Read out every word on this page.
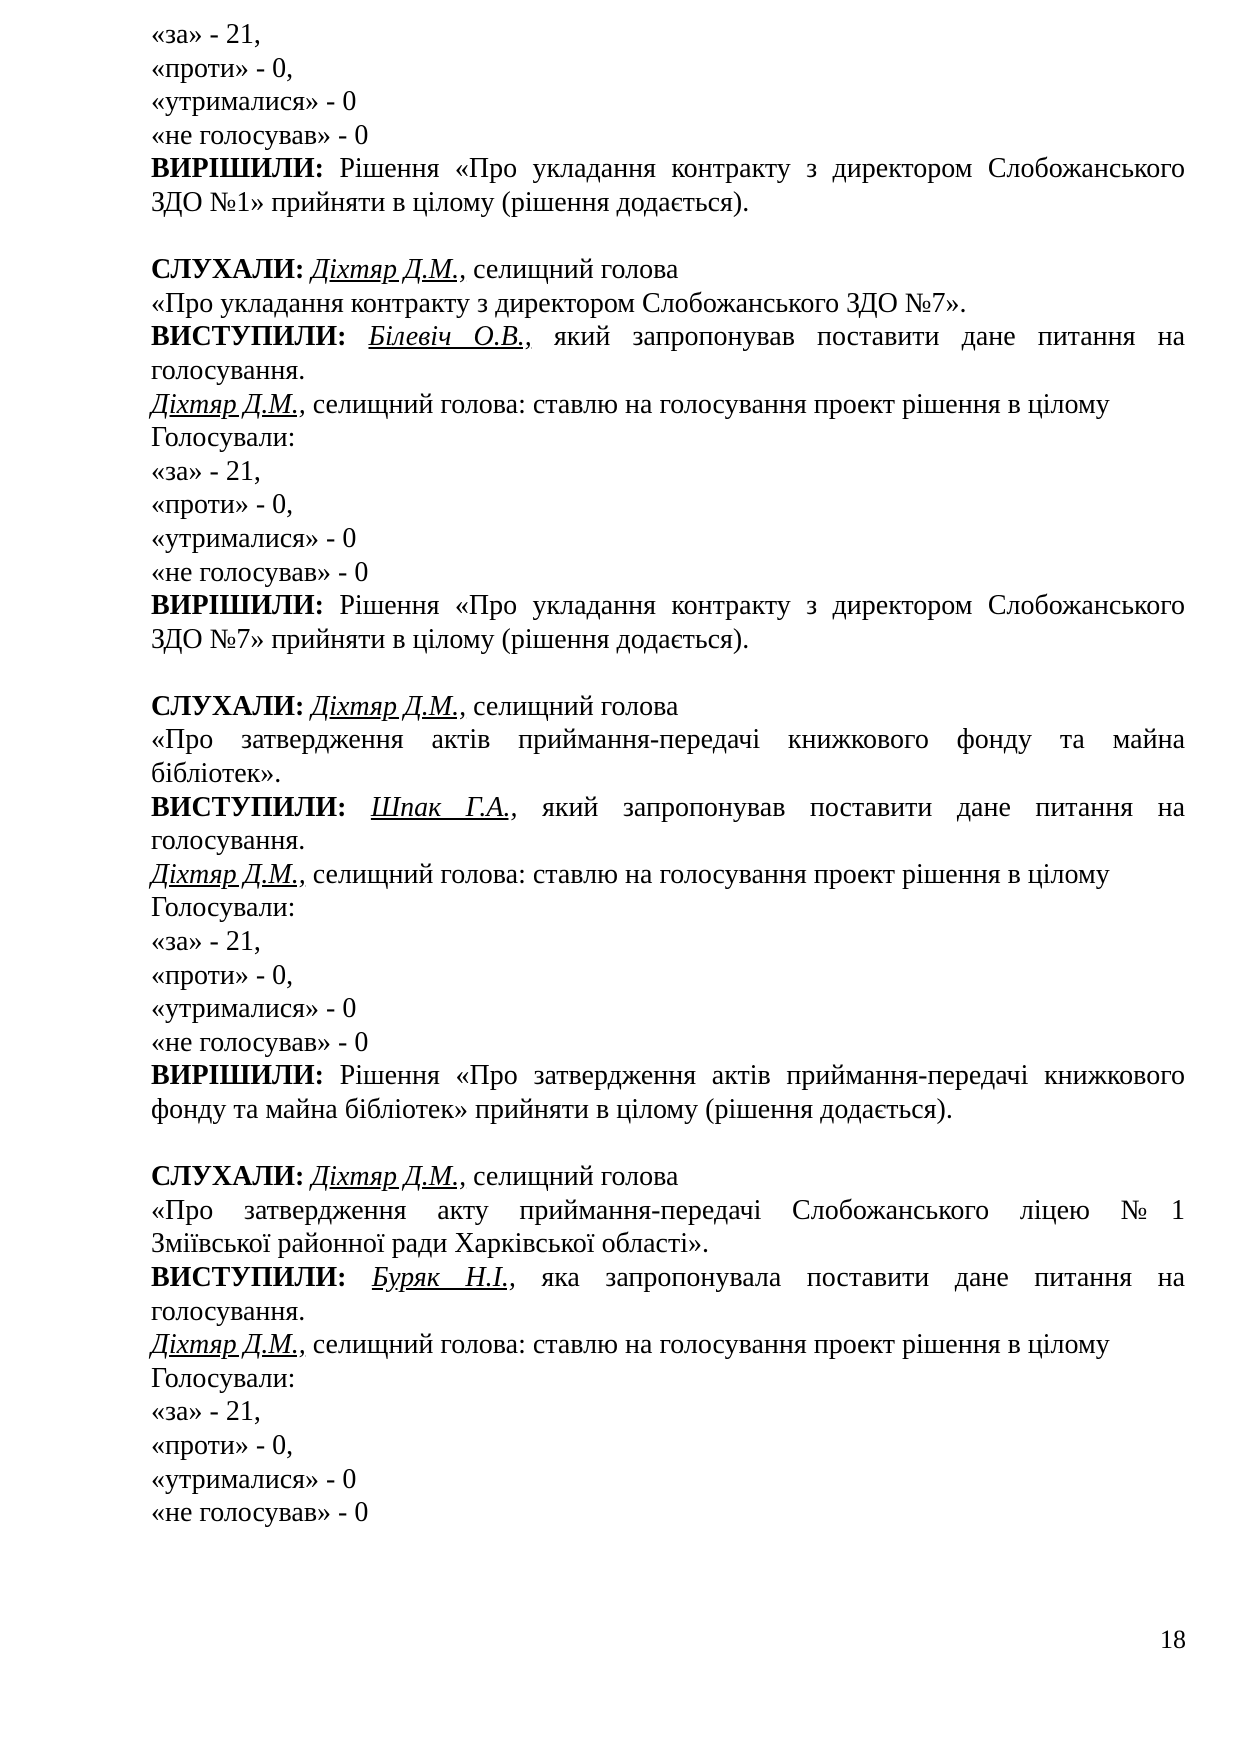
«за» - 21,
«проти» - 0,
«утрималися» - 0
«не голосував» - 0
ВИРІШИЛИ: Рішення «Про укладання контракту з директором Слобожанського
ЗДО №1» прийняти в цілому (рішення додається).
СЛУХАЛИ: Діхтяр Д.М., селищний голова
«Про укладання контракту з директором Слобожанського ЗДО №7».
ВИСТУПИЛИ: Білевіч О.В., який запропонував поставити дане питання на
голосування.
Діхтяр Д.М., селищний голова: ставлю на голосування проект рішення в цілому
Голосували:
«за» - 21,
«проти» - 0,
«утрималися» - 0
«не голосував» - 0
ВИРІШИЛИ: Рішення «Про укладання контракту з директором Слобожанського
ЗДО №7» прийняти в цілому (рішення додається).
СЛУХАЛИ: Діхтяр Д.М., селищний голова
«Про затвердження актів приймання-передачі книжкового фонду та майна
бібліотек».
ВИСТУПИЛИ: Шпак Г.А., який запропонував поставити дане питання на
голосування.
Діхтяр Д.М., селищний голова: ставлю на голосування проект рішення в цілому
Голосували:
«за» - 21,
«проти» - 0,
«утрималися» - 0
«не голосував» - 0
ВИРІШИЛИ: Рішення «Про затвердження актів приймання-передачі книжкового
фонду та майна бібліотек» прийняти в цілому (рішення додається).
СЛУХАЛИ: Діхтяр Д.М., селищний голова
«Про затвердження акту приймання-передачі Слобожанського ліцею №1
Зміївської районної ради Харківської області».
ВИСТУПИЛИ: Буряк Н.І., яка запропонувала поставити дане питання на
голосування.
Діхтяр Д.М., селищний голова: ставлю на голосування проект рішення в цілому
Голосували:
«за» - 21,
«проти» - 0,
«утрималися» - 0
«не голосував» - 0
18
